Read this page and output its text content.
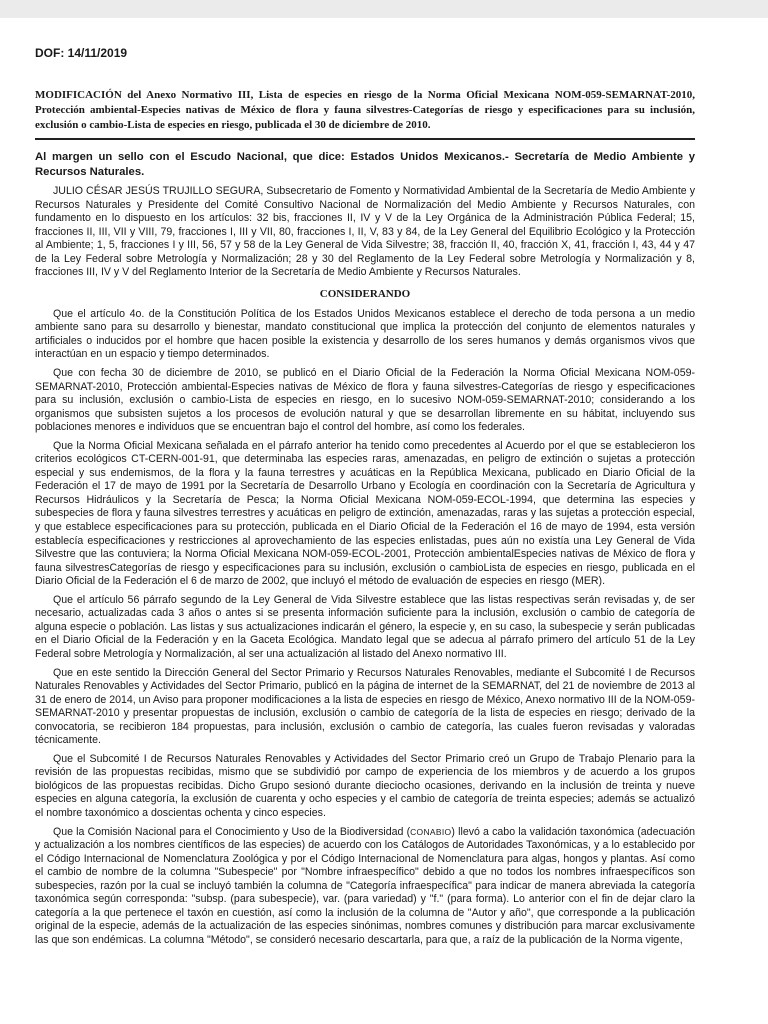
DOF: 14/11/2019

MODIFICACIÓN del Anexo Normativo III, Lista de especies en riesgo de la Norma Oficial Mexicana NOM-059-SEMARNAT-2010, Protección ambiental-Especies nativas de México de flora y fauna silvestres-Categorías de riesgo y especificaciones para su inclusión, exclusión o cambio-Lista de especies en riesgo, publicada el 30 de diciembre de 2010.

Al margen un sello con el Escudo Nacional, que dice: Estados Unidos Mexicanos.- Secretaría de Medio Ambiente y Recursos Naturales.

JULIO CÉSAR JESÚS TRUJILLO SEGURA, Subsecretario de Fomento y Normatividad Ambiental de la Secretaría de Medio Ambiente y Recursos Naturales y Presidente del Comité Consultivo Nacional de Normalización del Medio Ambiente y Recursos Naturales, con fundamento en lo dispuesto en los artículos: 32 bis, fracciones II, IV y V de la Ley Orgánica de la Administración Pública Federal; 15, fracciones II, III, VII y VIII, 79, fracciones I, III y VII, 80, fracciones I, II, V, 83 y 84, de la Ley General del Equilibrio Ecológico y la Protección al Ambiente; 1, 5, fracciones I y III, 56, 57 y 58 de la Ley General de Vida Silvestre; 38, fracción II, 40, fracción X, 41, fracción I, 43, 44 y 47 de la Ley Federal sobre Metrología y Normalización; 28 y 30 del Reglamento de la Ley Federal sobre Metrología y Normalización y 8, fracciones III, IV y V del Reglamento Interior de la Secretaría de Medio Ambiente y Recursos Naturales.

CONSIDERANDO

Que el artículo 4o. de la Constitución Política de los Estados Unidos Mexicanos establece el derecho de toda persona a un medio ambiente sano para su desarrollo y bienestar, mandato constitucional que implica la protección del conjunto de elementos naturales y artificiales o inducidos por el hombre que hacen posible la existencia y desarrollo de los seres humanos y demás organismos vivos que interactúan en un espacio y tiempo determinados.

Que con fecha 30 de diciembre de 2010, se publicó en el Diario Oficial de la Federación la Norma Oficial Mexicana NOM-059-SEMARNAT-2010, Protección ambiental-Especies nativas de México de flora y fauna silvestres-Categorías de riesgo y especificaciones para su inclusión, exclusión o cambio-Lista de especies en riesgo, en lo sucesivo NOM-059-SEMARNAT-2010; considerando a los organismos que subsisten sujetos a los procesos de evolución natural y que se desarrollan libremente en su hábitat, incluyendo sus poblaciones menores e individuos que se encuentran bajo el control del hombre, así como los federales.

Que la Norma Oficial Mexicana señalada en el párrafo anterior ha tenido como precedentes al Acuerdo por el que se establecieron los criterios ecológicos CT-CERN-001-91, que determinaba las especies raras, amenazadas, en peligro de extinción o sujetas a protección especial y sus endemismos, de la flora y la fauna terrestres y acuáticas en la República Mexicana, publicado en Diario Oficial de la Federación el 17 de mayo de 1991 por la Secretaría de Desarrollo Urbano y Ecología en coordinación con la Secretaría de Agricultura y Recursos Hidráulicos y la Secretaría de Pesca; la Norma Oficial Mexicana NOM-059-ECOL-1994, que determina las especies y subespecies de flora y fauna silvestres terrestres y acuáticas en peligro de extinción, amenazadas, raras y las sujetas a protección especial, y que establece especificaciones para su protección, publicada en el Diario Oficial de la Federación el 16 de mayo de 1994, esta versión establecía especificaciones y restricciones al aprovechamiento de las especies enlistadas, pues aún no existía una Ley General de Vida Silvestre que las contuviera; la Norma Oficial Mexicana NOM-059-ECOL-2001, Protección ambientalEspecies nativas de México de flora y fauna silvestresCategorías de riesgo y especificaciones para su inclusión, exclusión o cambioLista de especies en riesgo, publicada en el Diario Oficial de la Federación el 6 de marzo de 2002, que incluyó el método de evaluación de especies en riesgo (MER).

Que el artículo 56 párrafo segundo de la Ley General de Vida Silvestre establece que las listas respectivas serán revisadas y, de ser necesario, actualizadas cada 3 años o antes si se presenta información suficiente para la inclusión, exclusión o cambio de categoría de alguna especie o población. Las listas y sus actualizaciones indicarán el género, la especie y, en su caso, la subespecie y serán publicadas en el Diario Oficial de la Federación y en la Gaceta Ecológica. Mandato legal que se adecua al párrafo primero del artículo 51 de la Ley Federal sobre Metrología y Normalización, al ser una actualización al listado del Anexo normativo III.

Que en este sentido la Dirección General del Sector Primario y Recursos Naturales Renovables, mediante el Subcomité I de Recursos Naturales Renovables y Actividades del Sector Primario, publicó en la página de internet de la SEMARNAT, del 21 de noviembre de 2013 al 31 de enero de 2014, un Aviso para proponer modificaciones a la lista de especies en riesgo de México, Anexo normativo III de la NOM-059-SEMARNAT-2010 y presentar propuestas de inclusión, exclusión o cambio de categoría de la lista de especies en riesgo; derivado de la convocatoria, se recibieron 184 propuestas, para inclusión, exclusión o cambio de categoría, las cuales fueron revisadas y valoradas técnicamente.

Que el Subcomité I de Recursos Naturales Renovables y Actividades del Sector Primario creó un Grupo de Trabajo Plenario para la revisión de las propuestas recibidas, mismo que se subdividió por campo de experiencia de los miembros y de acuerdo a los grupos biológicos de las propuestas recibidas. Dicho Grupo sesionó durante dieciocho ocasiones, derivando en la inclusión de treinta y nueve especies en alguna categoría, la exclusión de cuarenta y ocho especies y el cambio de categoría de treinta especies; además se actualizó el nombre taxonómico a doscientas ochenta y cinco especies.

Que la Comisión Nacional para el Conocimiento y Uso de la Biodiversidad (CONABIO) llevó a cabo la validación taxonómica (adecuación y actualización a los nombres científicos de las especies) de acuerdo con los Catálogos de Autoridades Taxonómicas, y a lo establecido por el Código Internacional de Nomenclatura Zoológica y por el Código Internacional de Nomenclatura para algas, hongos y plantas. Así como el cambio de nombre de la columna "Subespecie" por "Nombre infraespecífico" debido a que no todos los nombres infraespecíficos son subespecies, razón por la cual se incluyó también la columna de "Categoría infraespecífica" para indicar de manera abreviada la categoría taxonómica según corresponda: "subsp. (para subespecie), var. (para variedad) y "f." (para forma). Lo anterior con el fin de dejar claro la categoría a la que pertenece el taxón en cuestión, así como la inclusión de la columna de "Autor y año", que corresponde a la publicación original de la especie, además de la actualización de las especies sinónimas, nombres comunes y distribución para marcar exclusivamente las que son endémicas. La columna "Método", se consideró necesario descartarla, para que, a raíz de la publicación de la Norma vigente,
